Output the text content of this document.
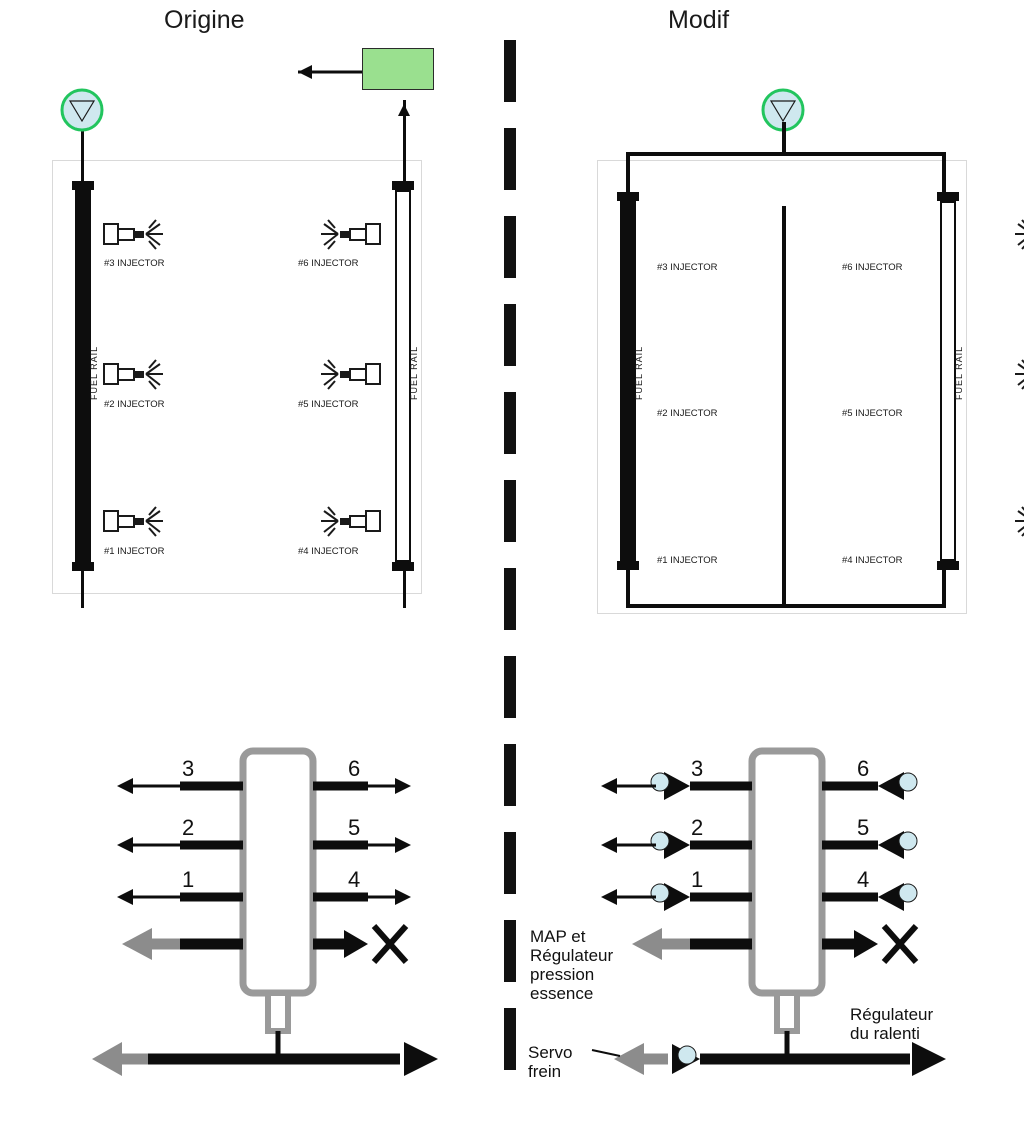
Origine	Modif
FUEL RAIL	FUEL RAIL	FUEL RAIL	FUEL RAIL
#3 INJECTOR
#2 INJECTOR
#1 INJECTOR
#6 INJECTOR
#5 INJECTOR
#4 INJECTOR
#3 INJECTOR
#2 INJECTOR
#1 INJECTOR
#6 INJECTOR
#5 INJECTOR
#4 INJECTOR
3
2
1
6
5
4
3
2
1
6
5
4
MAP et
Régulateur
pression
essence
Régulateur
du ralenti
Servo
frein
